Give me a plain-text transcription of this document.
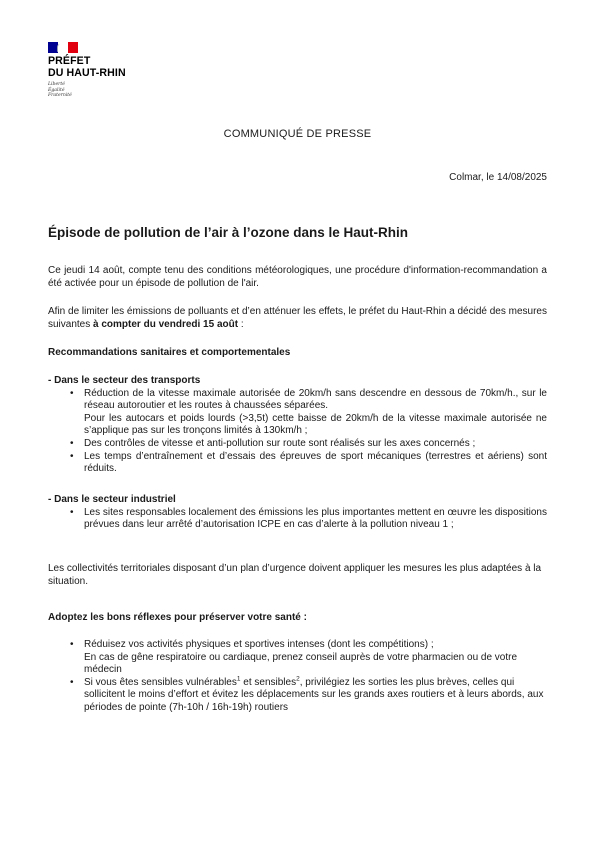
PRÉFET
DU HAUT-RHIN
Liberté
Égalité
Fraternité
COMMUNIQUÉ DE PRESSE
Colmar, le 14/08/2025
Épisode de pollution de l’air à l’ozone dans le Haut-Rhin
Ce jeudi 14 août, compte tenu des conditions météorologiques, une procédure d'information-recommandation a été activée pour un épisode de pollution de l'air.
Afin de limiter les émissions de polluants et d’en atténuer les effets, le préfet du Haut-Rhin a décidé des mesures suivantes à compter du vendredi 15 août :
Recommandations sanitaires et comportementales
- Dans le secteur des transports
• Réduction de la vitesse maximale autorisée de 20km/h sans descendre en dessous de 70km/h., sur le réseau autoroutier et les routes à chaussées séparées.
Pour les autocars et poids lourds (>3,5t) cette baisse de 20km/h de la vitesse maximale autorisée ne s’applique pas sur les tronçons limités à 130km/h ;
• Des contrôles de vitesse et anti-pollution sur route sont réalisés sur les axes concernés ;
• Les temps d’entraînement et d’essais des épreuves de sport mécaniques (terrestres et aériens) sont réduits.
- Dans le secteur industriel
• Les sites responsables localement des émissions les plus importantes mettent en œuvre les dispositions prévues dans leur arrêté d’autorisation ICPE en cas d’alerte à la pollution niveau 1 ;
Les collectivités territoriales disposant d’un plan d’urgence doivent appliquer les mesures les plus adaptées à la situation.
Adoptez les bons réflexes pour préserver votre santé :
• Réduisez vos activités physiques et sportives intenses (dont les compétitions) ;
En cas de gêne respiratoire ou cardiaque, prenez conseil auprès de votre pharmacien ou de votre médecin
• Si vous êtes sensibles vulnérables$^1$ et sensibles$^2$, privilégiez les sorties les plus brèves, celles qui sollicitent le moins d’effort et évitez les déplacements sur les grands axes routiers et à leurs abords, aux périodes de pointe (7h-10h / 16h-19h) routiers
